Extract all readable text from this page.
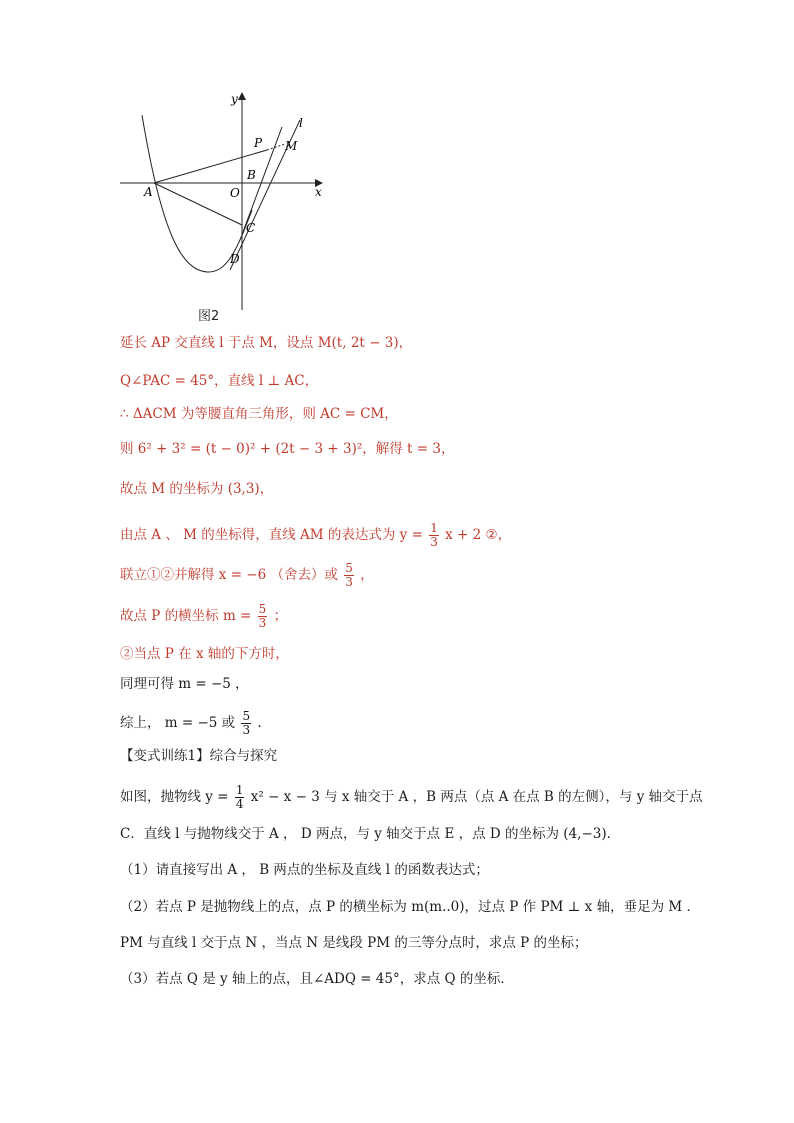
y
l
P M
A	O
B
x
C
D
图2
延长 AP 交直线 l 于点 M，设点 M(t, 2t − 3)，
Q∠PAC = 45°，直线 l ⊥ AC，
∴ ΔACM 为等腰直角三角形，则 AC = CM，
则 6² + 3² = (t − 0)² + (2t − 3 + 3)²，解得 t = 3，
故点 M 的坐标为 (3,3)，
由点 A 、 M 的坐标得，直线 AM 的表达式为 $y = \frac{1}{3}$ x + 2 ②，
联立①②并解得 x = −6 （舍去）或 $\frac{5}{3}$ ，
故点 P 的横坐标 $m = \frac{5}{3}$ ；
②当点 P 在 x 轴的下方时，
同理可得 m = −5 ，
综上， m = −5 或 $\frac{5}{3}$ .
【变式训练1】综合与探究
如图，抛物线 $y = \frac{1}{4} x^2 - x - 3$ 与 x 轴交于 A ，B 两点（点 A 在点 B 的左侧），与 y 轴交于点
C．直线 l 与抛物线交于 A ， D 两点，与 y 轴交于点 E ，点 D 的坐标为 (4,−3)．
（1）请直接写出 A ， B 两点的坐标及直线 l 的函数表达式；
（2）若点 P 是抛物线上的点，点 P 的横坐标为 m(m..0)，过点 P 作 PM ⊥ x 轴，垂足为 M ．
PM 与直线 l 交于点 N ，当点 N 是线段 PM 的三等分点时，求点 P 的坐标；
（3）若点 Q 是 y 轴上的点，且∠ADQ = 45°，求点 Q 的坐标．
